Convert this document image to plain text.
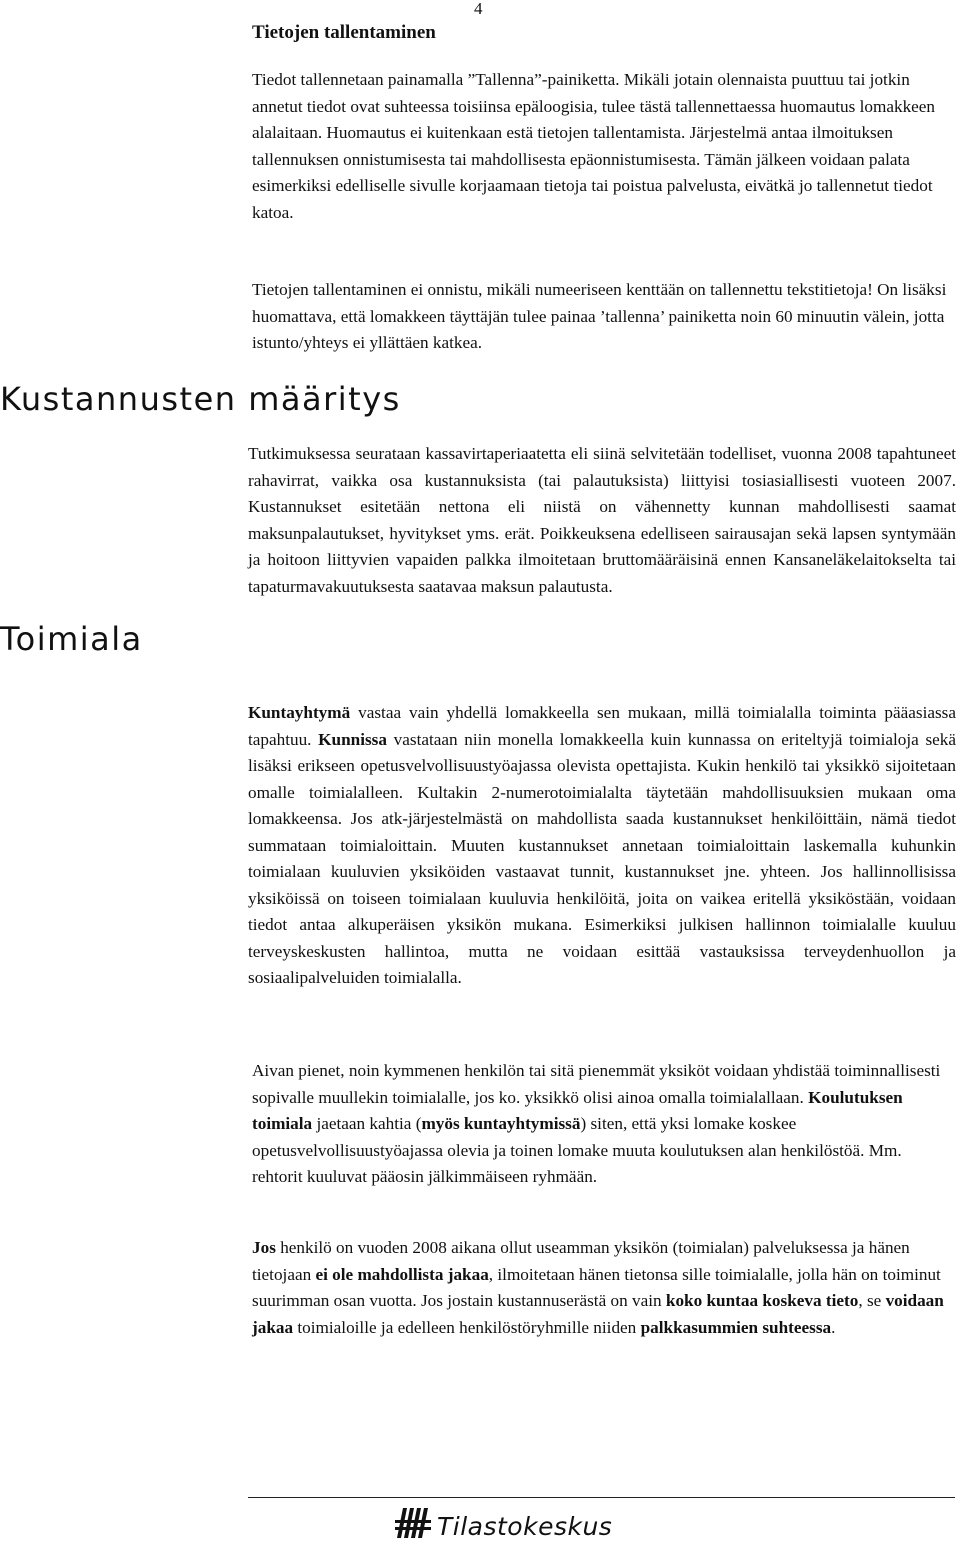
4
Tietojen tallentaminen

Tiedot tallennetaan painamalla ”Tallenna”-painiketta. Mikäli jotain olennaista puuttuu tai jotkin annetut tiedot ovat suhteessa toisiinsa epäloogisia, tulee tästä tallennettaessa huomautus lomakkeen alalaitaan. Huomautus ei kuitenkaan estä tietojen tallentamista. Järjestelmä antaa ilmoituksen tallennuksen onnistumisesta tai mahdollisesta epäonnistumisesta. Tämän jälkeen voidaan palata esimerkiksi edelliselle sivulle korjaamaan tietoja tai poistua palvelusta, eivätkä jo tallennetut tiedot katoa.

Tietojen tallentaminen ei onnistu, mikäli numeeriseen kenttään on tallennettu tekstitietoja! On lisäksi huomattava, että lomakkeen täyttäjän tulee painaa ’tallenna’ painiketta noin 60 minuutin välein, jotta istunto/yhteys ei yllättäen katkea.

Kustannusten määritys

Tutkimuksessa seurataan kassavirtaperiaatetta eli siinä selvitetään todelliset, vuonna 2008 tapahtuneet rahavirrat, vaikka osa kustannuksista (tai palautuksista) liittyisi tosiasiallisesti vuoteen 2007. Kustannukset esitetään nettona eli niistä on vähennetty kunnan mahdollisesti saamat maksunpalautukset, hyvitykset yms. erät. Poikkeuksena edelliseen sairausajan sekä lapsen syntymään ja hoitoon liittyvien vapaiden palkka ilmoitetaan bruttomääräisinä ennen Kansaneläkelaitokselta tai tapaturmavakuutuksesta saatavaa maksun palautusta.

Toimiala

Kuntayhtymä vastaa vain yhdellä lomakkeella sen mukaan, millä toimialalla toiminta pääasiassa tapahtuu. Kunnissa vastataan niin monella lomakkeella kuin kunnassa on eriteltyjä toimialoja sekä lisäksi erikseen opetusvelvollisuustyöajassa olevista opettajista. Kukin henkilö tai yksikkö sijoitetaan omalle toimialalleen. Kultakin 2-numerotoimialalta täytetään mahdollisuuksien mukaan oma lomakkeensa. Jos atk-järjestelmästä on mahdollista saada kustannukset henkilöittäin, nämä tiedot summataan toimialoittain. Muuten kustannukset annetaan toimialoittain laskemalla kuhunkin toimialaan kuuluvien yksiköiden vastaavat tunnit, kustannukset jne. yhteen. Jos hallinnollisissa yksiköissä on toiseen toimialaan kuuluvia henkilöitä, joita on vaikea eritellä yksiköstään, voidaan tiedot antaa alkuperäisen yksikön mukana. Esimerkiksi julkisen hallinnon toimialalle kuuluu terveyskeskusten hallintoa, mutta ne voidaan esittää vastauksissa terveydenhuollon ja sosiaalipalveluiden toimialalla.

Aivan pienet, noin kymmenen henkilön tai sitä pienemmät yksiköt voidaan yhdistää toiminnallisesti sopivalle muullekin toimialalle, jos ko. yksikkö olisi ainoa omalla toimialallaan. Koulutuksen toimiala jaetaan kahtia (myös kuntayhtymissä) siten, että yksi lomake koskee opetusvelvollisuustyöajassa olevia ja toinen lomake muuta koulutuksen alan henkilöstöä. Mm. rehtorit kuuluvat pääosin jälkimmäiseen ryhmään.

Jos henkilö on vuoden 2008 aikana ollut useamman yksikön (toimialan) palveluksessa ja hänen tietojaan ei ole mahdollista jakaa, ilmoitetaan hänen tietonsa sille toimialalle, jolla hän on toiminut suurimman osan vuotta. Jos jostain kustannuserästä on vain koko kuntaa koskeva tieto, se voidaan jakaa toimialoille ja edelleen henkilöstöryhmille niiden palkkasummien suhteessa.

Tilastokeskus
